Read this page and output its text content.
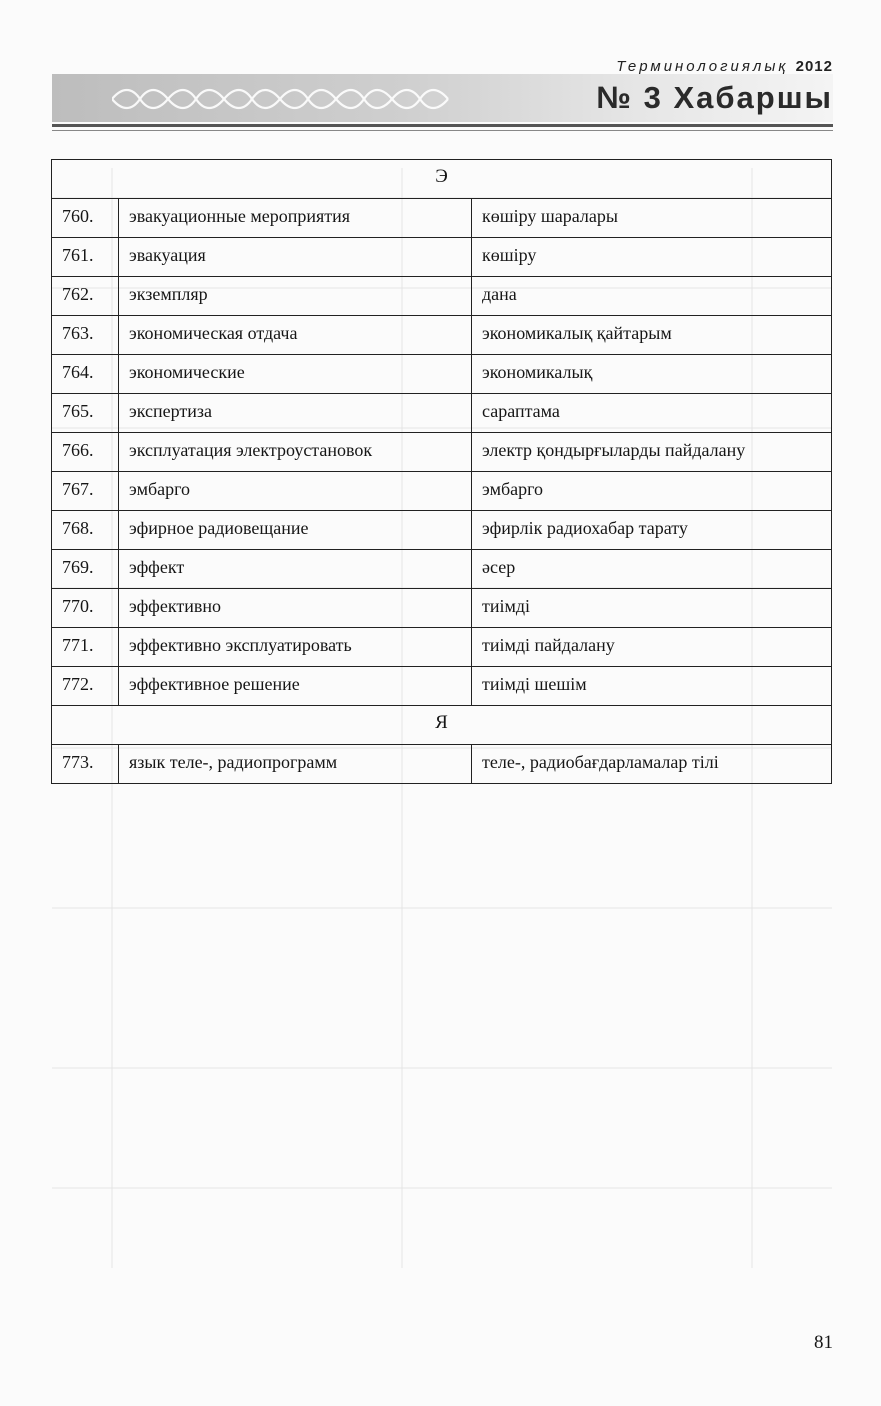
Терминологиялық 2012
№ 3 Хабаршы
Э		
760.	эвакуационные мероприятия	көшіру шаралары
761.	эвакуация	көшіру
762.	экземпляр	дана
763.	экономическая отдача	экономикалық қайтарым
764.	экономические	экономикалық
765.	экспертиза	сараптама
766.	эксплуатация электроустановок	электр қондырғыларды пайдалану
767.	эмбарго	эмбарго
768.	эфирное радиовещание	эфирлік радиохабар тарату
769.	эффект	әсер
770.	эффективно	тиімді
771.	эффективно эксплуатировать	тиімді пайдалану
772.	эффективное решение	тиімді шешім
Я		
773.	язык теле-, радиопрограмм	теле-, радиобағдарламалар тілі
81
